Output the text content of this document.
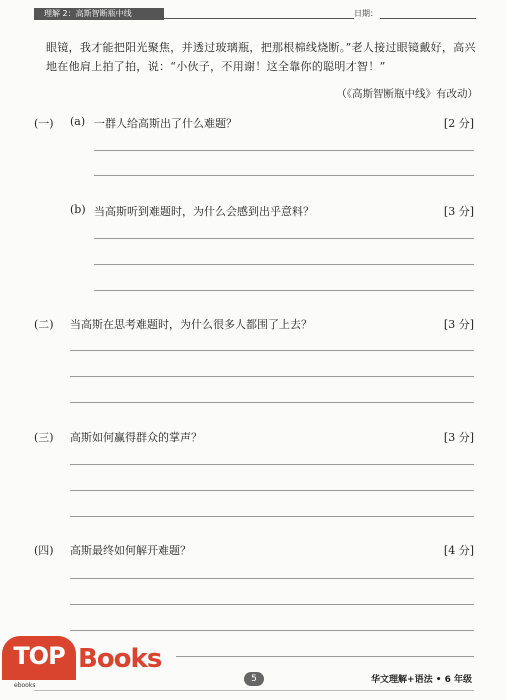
理解 2：高斯智断瓶中线	日期：
眼镜，我才能把阳光聚焦，并透过玻璃瓶，把那根棉线烧断。”老人接过眼镜戴好，高兴地在他肩上拍了拍，说：“小伙子，不用谢！这全靠你的聪明才智！”
（《高斯智断瓶中线》有改动）
(一) (a) 一群人给高斯出了什么难题？	[2 分]
(b) 当高斯听到难题时，为什么会感到出乎意料？	[3 分]
(二) 当高斯在思考难题时，为什么很多人都围了上去？	[3 分]
(三) 高斯如何赢得群众的掌声？	[3 分]
(四) 高斯最终如何解开难题？	[4 分]
TOP Books
ebooks
5	华文理解+语法 • 6 年级
